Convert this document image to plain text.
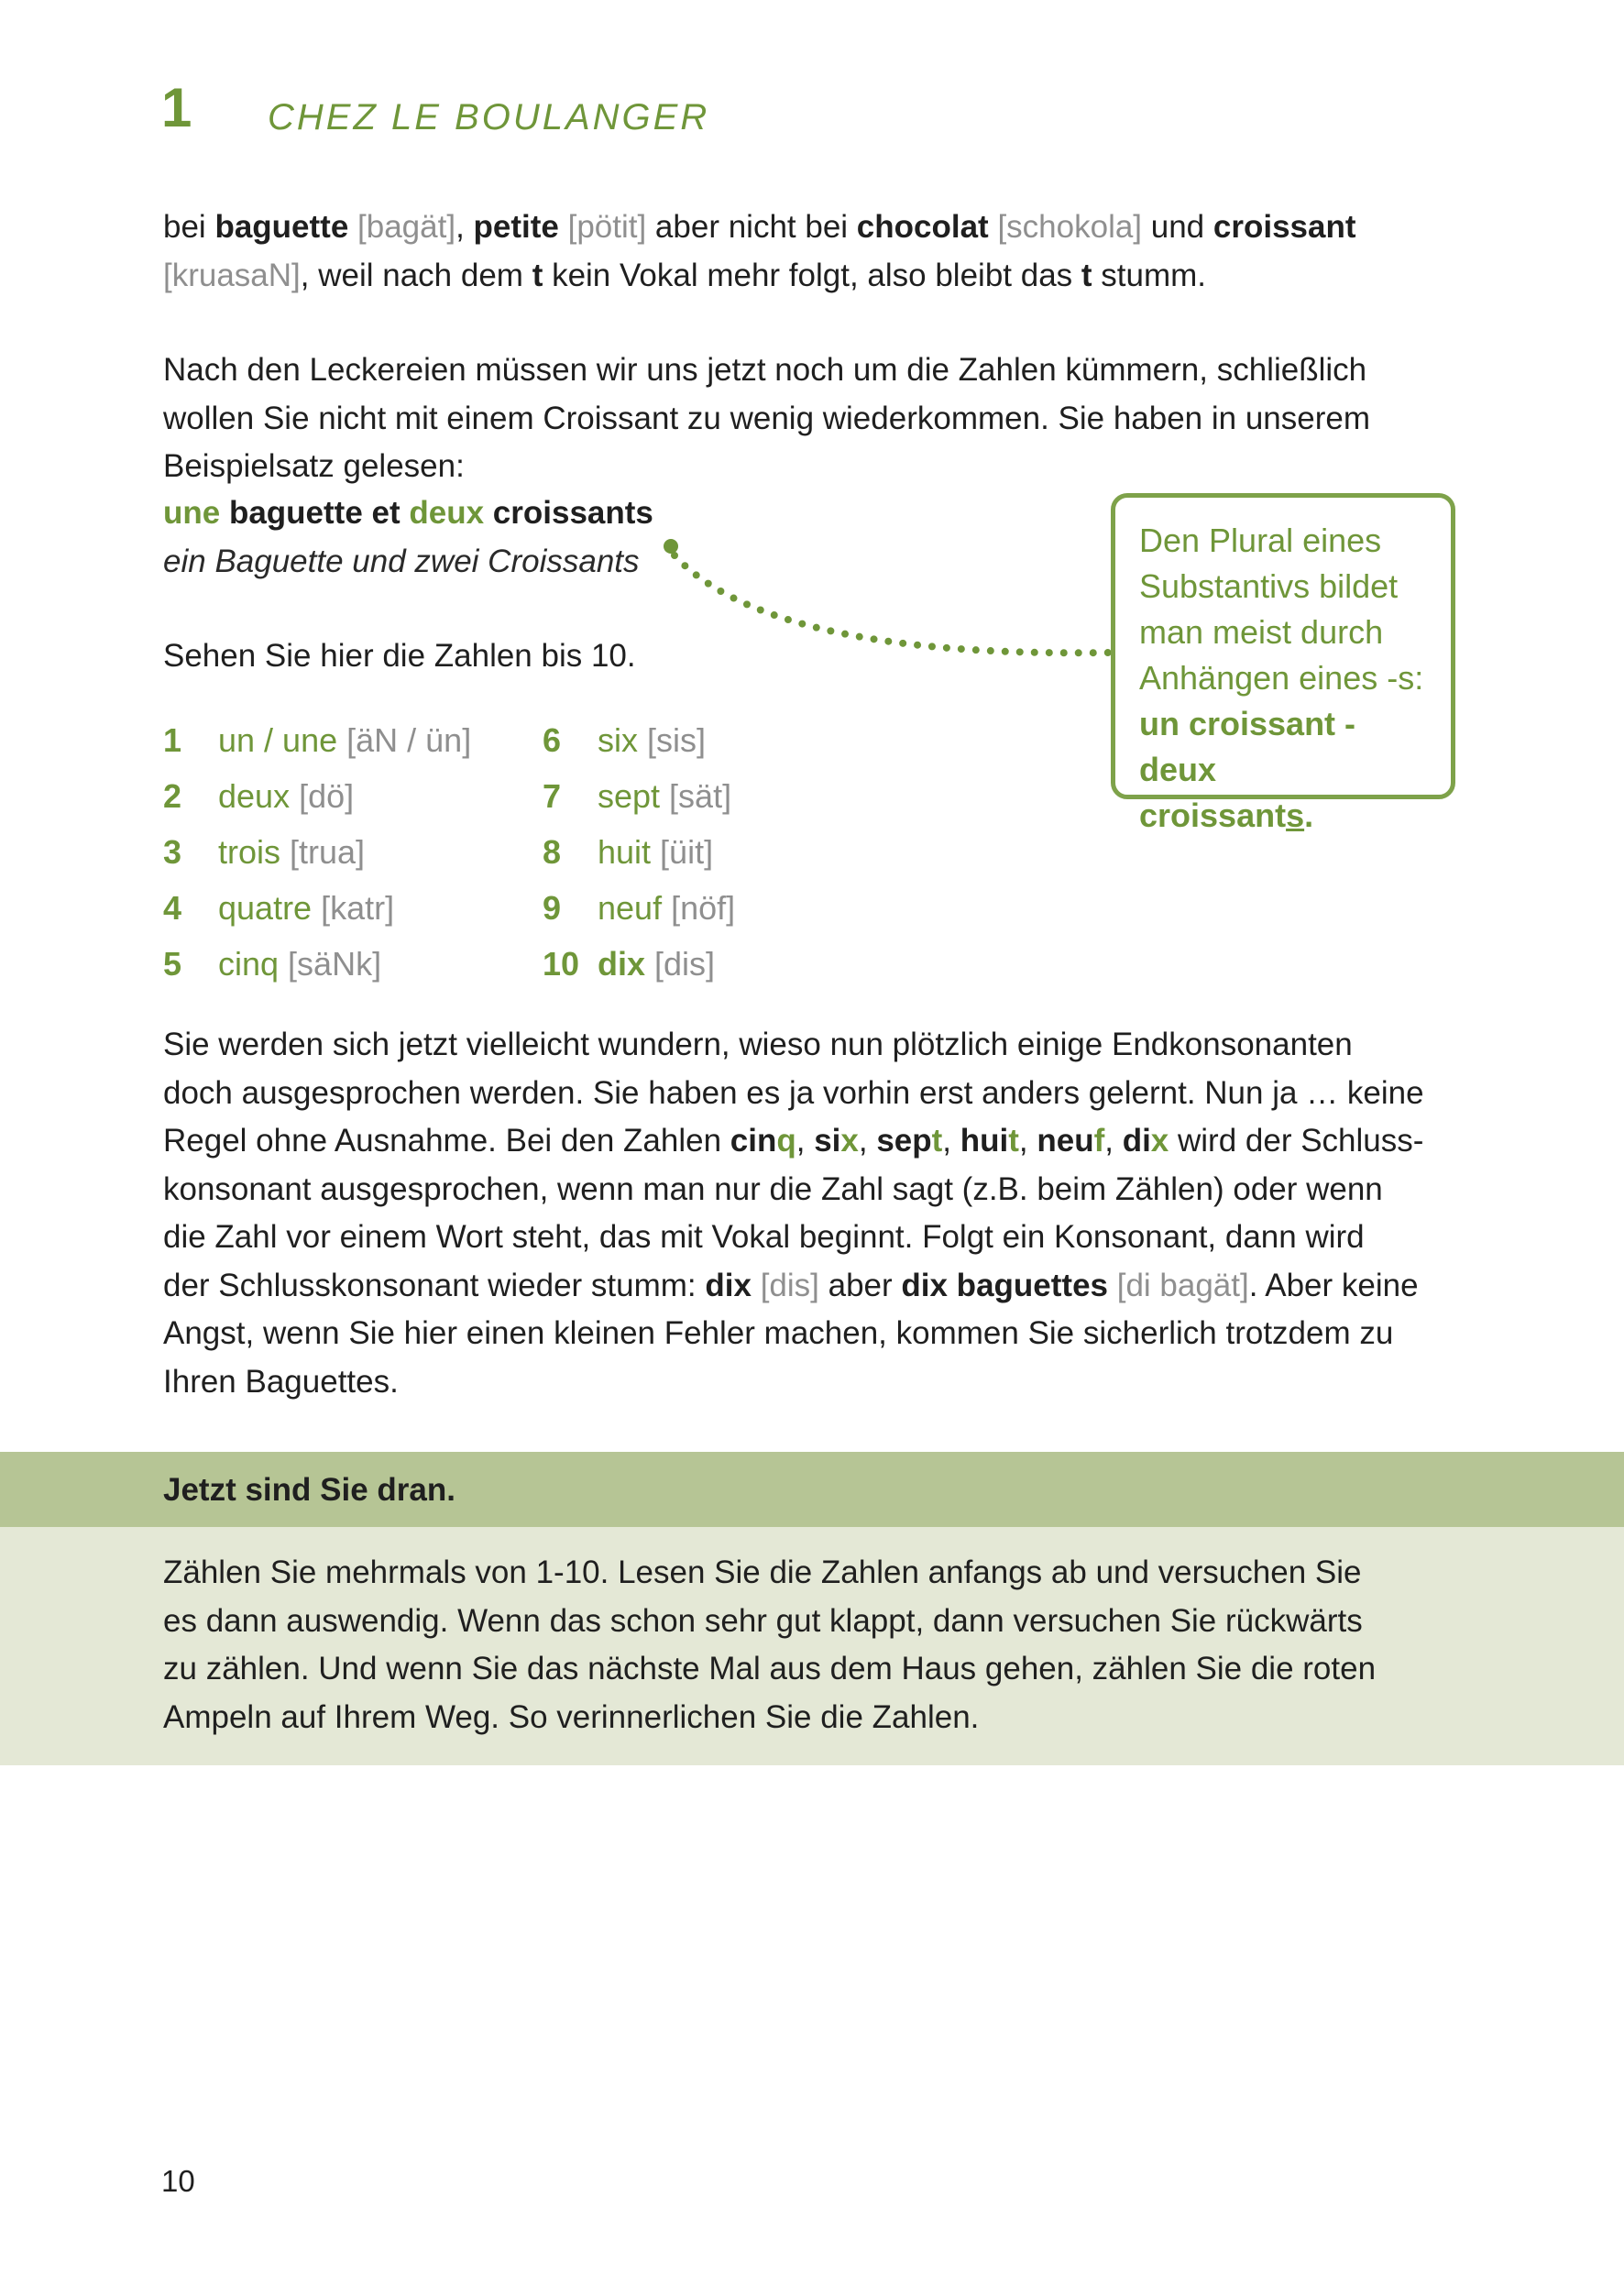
1 CHEZ LE BOULANGER
bei baguette [bagät], petite [pötit] aber nicht bei chocolat [schokola] und croissant
[kruasaN], weil nach dem t kein Vokal mehr folgt, also bleibt das t stumm.
Nach den Leckereien müssen wir uns jetzt noch um die Zahlen kümmern, schließlich
wollen Sie nicht mit einem Croissant zu wenig wiederkommen. Sie haben in unserem
Beispielsatz gelesen:
une baguette et deux croissants
ein Baguette und zwei Croissants
Den Plural eines
Substantivs bildet
man meist durch
Anhängen eines -s:
un croissant - deux
croissants.
Sehen Sie hier die Zahlen bis 10.
1 un / une [äN / ün]
2 deux [dö]
3 trois [trua]
4 quatre [katr]
5 cinq [säNk]
6 six [sis]
7 sept [sät]
8 huit [üit]
9 neuf [nöf]
10 dix [dis]
Sie werden sich jetzt vielleicht wundern, wieso nun plötzlich einige Endkonsonanten
doch ausgesprochen werden. Sie haben es ja vorhin erst anders gelernt. Nun ja … keine
Regel ohne Ausnahme. Bei den Zahlen cinq, six, sept, huit, neuf, dix wird der Schluss-
konsonant ausgesprochen, wenn man nur die Zahl sagt (z.B. beim Zählen) oder wenn
die Zahl vor einem Wort steht, das mit Vokal beginnt. Folgt ein Konsonant, dann wird
der Schlusskonsonant wieder stumm: dix [dis] aber dix baguettes [di bagät]. Aber keine
Angst, wenn Sie hier einen kleinen Fehler machen, kommen Sie sicherlich trotzdem zu
Ihren Baguettes.
Jetzt sind Sie dran.
Zählen Sie mehrmals von 1-10. Lesen Sie die Zahlen anfangs ab und versuchen Sie
es dann auswendig. Wenn das schon sehr gut klappt, dann versuchen Sie rückwärts
zu zählen. Und wenn Sie das nächste Mal aus dem Haus gehen, zählen Sie die roten
Ampeln auf Ihrem Weg. So verinnerlichen Sie die Zahlen.
10
